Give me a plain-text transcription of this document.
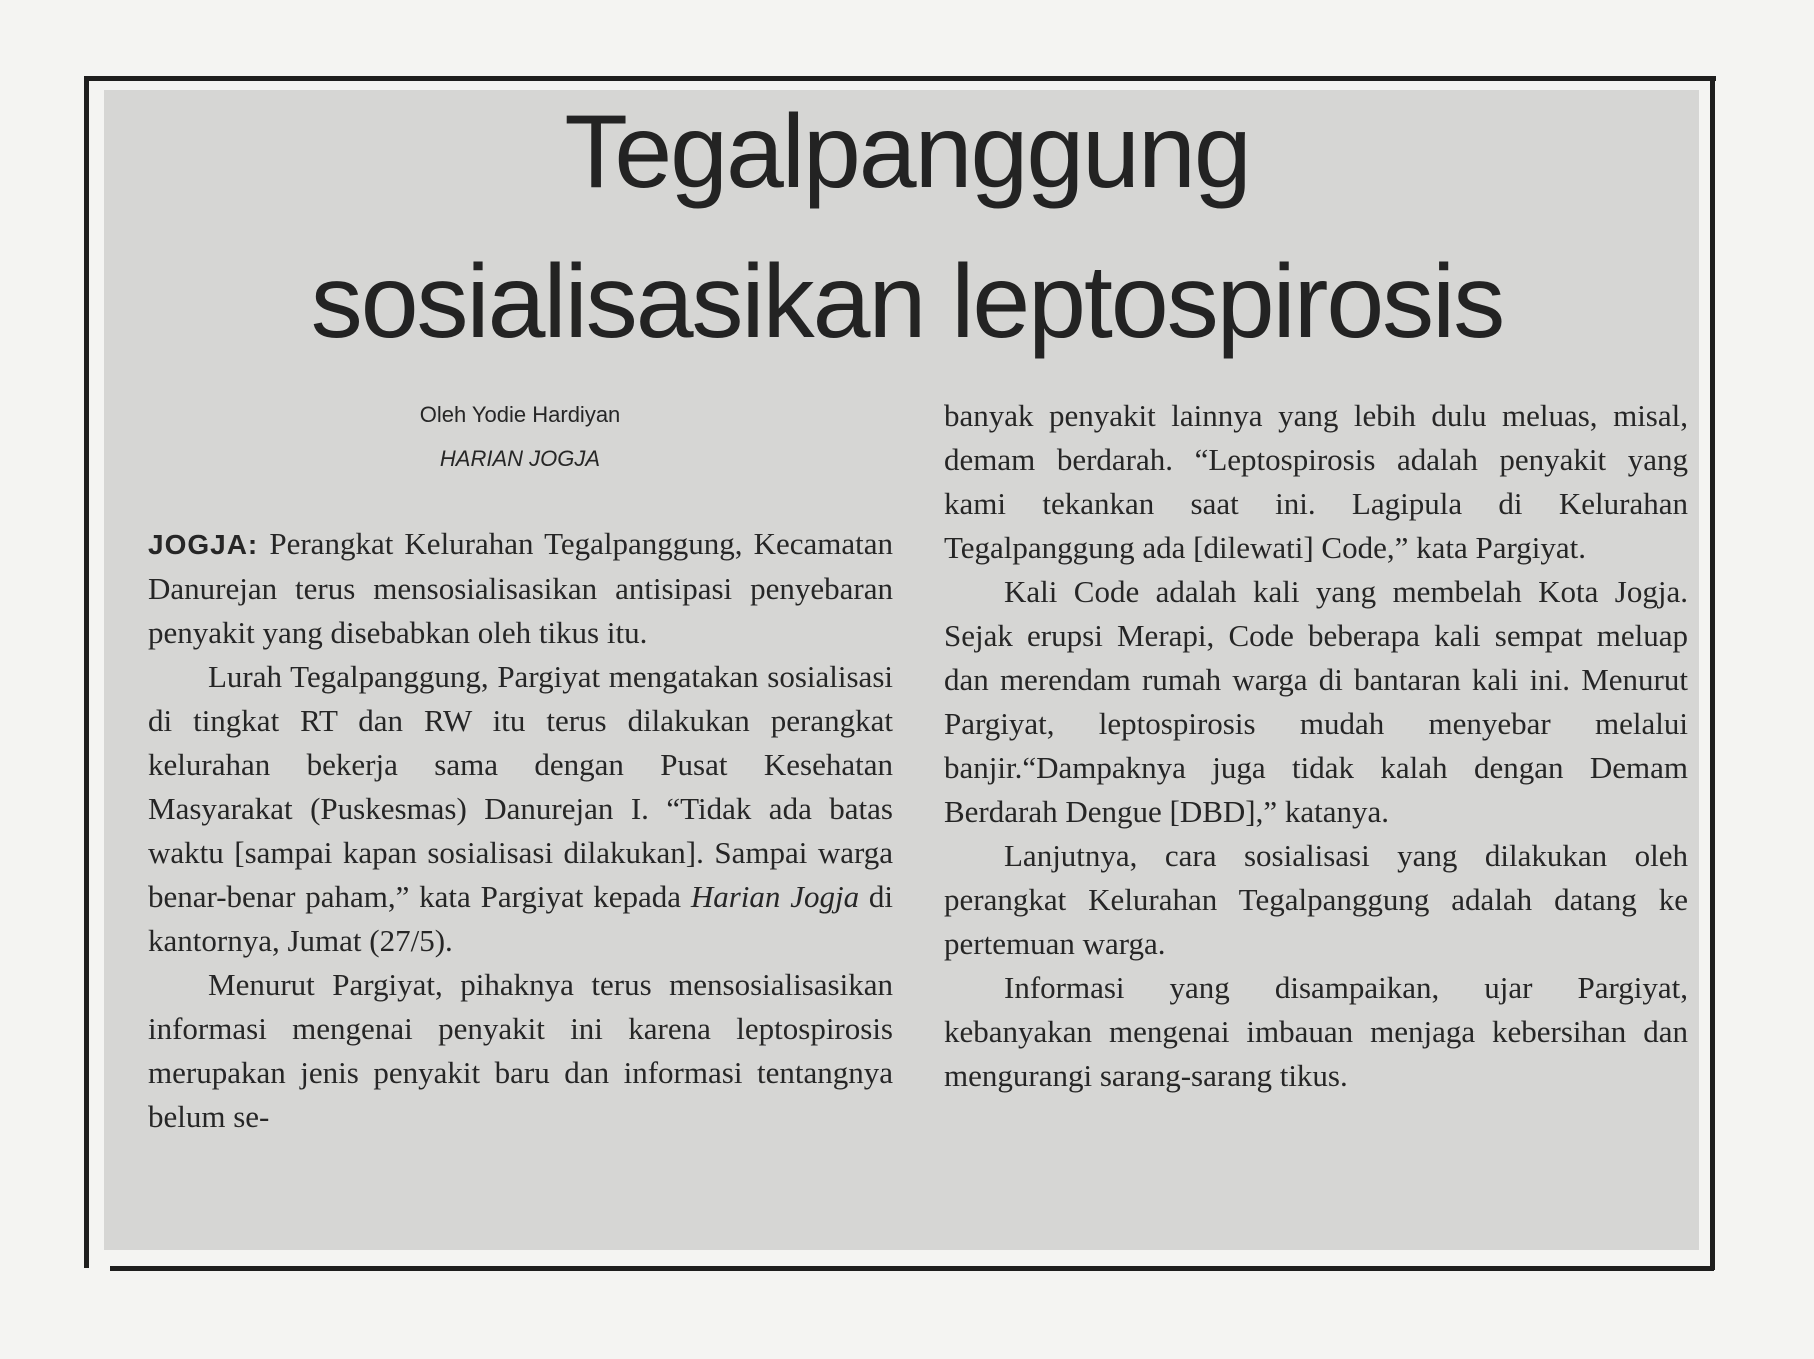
Tegalpanggung
sosialisasikan leptospirosis
Oleh Yodie Hardiyan
HARIAN JOGJA

JOGJA: Perangkat Kelurahan Tegalpanggung, Kecamatan Danurejan terus mensosialisasikan antisipasi penyebaran penyakit yang disebabkan oleh tikus itu.

Lurah Tegalpanggung, Pargiyat mengatakan sosialisasi di tingkat RT dan RW itu terus dilakukan perangkat kelurahan bekerja sama dengan Pusat Kesehatan Masyarakat (Puskesmas) Danurejan I. “Tidak ada batas waktu [sampai kapan sosialisasi dilakukan]. Sampai warga benar-benar paham,” kata Pargiyat kepada Harian Jogja di kantornya, Jumat (27/5).

Menurut Pargiyat, pihaknya terus mensosialisasikan informasi mengenai penyakit ini karena leptospirosis merupakan jenis penyakit baru dan informasi tentangnya belum se-

banyak penyakit lainnya yang lebih dulu meluas, misal, demam berdarah. “Leptospirosis adalah penyakit yang kami tekankan saat ini. Lagipula di Kelurahan Tegalpanggung ada [dilewati] Code,” kata Pargiyat.

Kali Code adalah kali yang membelah Kota Jogja. Sejak erupsi Merapi, Code beberapa kali sempat meluap dan merendam rumah warga di bantaran kali ini. Menurut Pargiyat, leptospirosis mudah menyebar melalui banjir.“Dampaknya juga tidak kalah dengan Demam Berdarah Dengue [DBD],” katanya.

Lanjutnya, cara sosialisasi yang dilakukan oleh perangkat Kelurahan Tegalpanggung adalah datang ke pertemuan warga.

Informasi yang disampaikan, ujar Pargiyat, kebanyakan mengenai imbauan menjaga kebersihan dan mengurangi sarang-sarang tikus.
